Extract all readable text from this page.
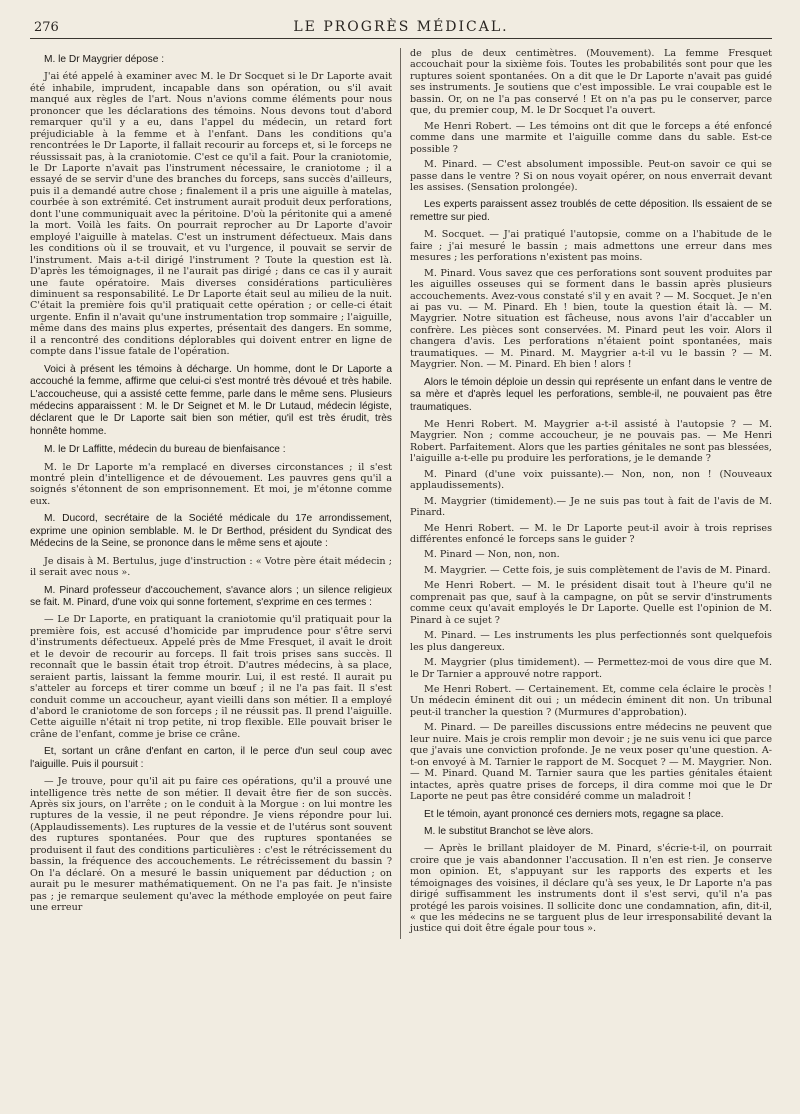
276	LE PROGRÈS MÉDICAL.

M. le Dr Maygrier dépose :

J'ai été appelé à examiner avec M. le Dr Socquet si le Dr Laporte avait été inhabile, imprudent, incapable dans son opération, ou s'il avait manqué aux règles de l'art. Nous n'avions comme éléments pour nous prononcer que les déclarations des témoins. Nous devons tout d'abord remarquer qu'il y a eu, dans l'appel du médecin, un retard fort préjudiciable à la femme et à l'enfant. Dans les conditions qu'a rencontrées le Dr Laporte, il fallait recourir au forceps et, si le forceps ne réussissait pas, à la craniotomie. C'est ce qu'il a fait. Pour la craniotomie, le Dr Laporte n'avait pas l'instrument nécessaire, le craniotome ; il a essayé de se servir d'une des branches du forceps, sans succès d'ailleurs, puis il a demandé autre chose ; finalement il a pris une aiguille à matelas, courbée à son extrémité. Cet instrument aurait produit deux perforations, dont l'une communiquait avec la péritoine. D'où la péritonite qui a amené la mort. Voilà les faits. On pourrait reprocher au Dr Laporte d'avoir employé l'aiguille à matelas. C'est un instrument défectueux. Mais dans les conditions où il se trouvait, et vu l'urgence, il pouvait se servir de l'instrument. Mais a-t-il dirigé l'instrument ? Toute la question est là. D'après les témoignages, il ne l'aurait pas dirigé ; dans ce cas il y aurait une faute opératoire. Mais diverses considérations particulières diminuent sa responsabilité. Le Dr Laporte était seul au milieu de la nuit. C'était la première fois qu'il pratiquait cette opération ; or celle-ci était urgente. Enfin il n'avait qu'une instrumentation trop sommaire ; l'aiguille, même dans des mains plus expertes, présentait des dangers. En somme, il a rencontré des conditions déplorables qui doivent entrer en ligne de compte dans l'issue fatale de l'opération.

Voici à présent les témoins à décharge. Un homme, dont le Dr Laporte a accouché la femme, affirme que celui-ci s'est montré très dévoué et très habile. L'accoucheuse, qui a assisté cette femme, parle dans le même sens. Plusieurs médecins apparaissent : M. le Dr Seignet et M. le Dr Lutaud, médecin légiste, déclarent que le Dr Laporte sait bien son métier, qu'il est très érudit, très honnête homme.

M. le Dr Laffitte, médecin du bureau de bienfaisance :

M. le Dr Laporte m'a remplacé en diverses circonstances ; il s'est montré plein d'intelligence et de dévouement. Les pauvres gens qu'il a soignés s'étonnent de son emprisonnement. Et moi, je m'étonne comme eux.

M. Ducord, secrétaire de la Société médicale du 17e arrondissement, exprime une opinion semblable. M. le Dr Berthod, président du Syndicat des Médecins de la Seine, se prononce dans le même sens et ajoute :

Je disais à M. Bertulus, juge d'instruction : « Votre père était médecin ; il serait avec nous ».

M. Pinard professeur d'accouchement, s'avance alors ; un silence religieux se fait. M. Pinard, d'une voix qui sonne fortement, s'exprime en ces termes :

— Le Dr Laporte, en pratiquant la craniotomie qu'il pratiquait pour la première fois, est accusé d'homicide par imprudence pour s'être servi d'instruments défectueux. Appelé près de Mme Fresquet, il avait le droit et le devoir de recourir au forceps. Il fait trois prises sans succès. Il reconnaît que le bassin était trop étroit. D'autres médecins, à sa place, seraient partis, laissant la femme mourir. Lui, il est resté. Il aurait pu s'atteler au forceps et tirer comme un bœuf ; il ne l'a pas fait. Il s'est conduit comme un accoucheur, ayant vieilli dans son métier. Il a employé d'abord le craniotome de son forceps ; il ne réussit pas. Il prend l'aiguille. Cette aiguille n'était ni trop petite, ni trop flexible. Elle pouvait briser le crâne de l'enfant, comme je brise ce crâne.

Et, sortant un crâne d'enfant en carton, il le perce d'un seul coup avec l'aiguille. Puis il poursuit :

— Je trouve, pour qu'il ait pu faire ces opérations, qu'il a prouvé une intelligence très nette de son métier. Il devait être fier de son succès. Après six jours, on l'arrête ; on le conduit à la Morgue : on lui montre les ruptures de la vessie, il ne peut répondre. Je viens répondre pour lui. (Applaudissements). Les ruptures de la vessie et de l'utérus sont souvent des ruptures spontanées. Pour que des ruptures spontanées se produisent il faut des conditions particulières : c'est le rétrécissement du bassin, la fréquence des accouchements. Le rétrécissement du bassin ? On l'a déclaré. On a mesuré le bassin uniquement par déduction ; on aurait pu le mesurer mathématiquement. On ne l'a pas fait. Je n'insiste pas ; je remarque seulement qu'avec la méthode employée on peut faire une erreur

de plus de deux centimètres. (Mouvement). La femme Fresquet accouchait pour la sixième fois. Toutes les probabilités sont pour que les ruptures soient spontanées. On a dit que le Dr Laporte n'avait pas guidé ses instruments. Je soutiens que c'est impossible. Le vrai coupable est le bassin. Or, on ne l'a pas conservé ! Et on n'a pas pu le conserver, parce que, du premier coup, M. le Dr Socquet l'a ouvert.

Me Henri Robert. — Les témoins ont dit que le forceps a été enfoncé comme dans une marmite et l'aiguille comme dans du sable. Est-ce possible ?

M. Pinard. — C'est absolument impossible. Peut-on savoir ce qui se passe dans le ventre ? Si on nous voyait opérer, on nous enverrait devant les assises. (Sensation prolongée).

Les experts paraissent assez troublés de cette déposition. Ils essaient de se remettre sur pied.

M. Socquet. — J'ai pratiqué l'autopsie, comme on a l'habitude de le faire ; j'ai mesuré le bassin ; mais admettons une erreur dans mes mesures ; les perforations n'existent pas moins.

M. Pinard. Vous savez que ces perforations sont souvent produites par les aiguilles osseuses qui se forment dans le bassin après plusieurs accouchements. Avez-vous constaté s'il y en avait ? — M. Socquet. Je n'en ai pas vu. — M. Pinard. Eh ! bien, toute la question était là. — M. Maygrier. Notre situation est fâcheuse, nous avons l'air d'accabler un confrère. Les pièces sont conservées. M. Pinard peut les voir. Alors il changera d'avis. Les perforations n'étaient point spontanées, mais traumatiques. — M. Pinard. M. Maygrier a-t-il vu le bassin ? — M. Maygrier. Non. — M. Pinard. Eh bien ! alors !

Alors le témoin déploie un dessin qui représente un enfant dans le ventre de sa mère et d'après lequel les perforations, semble-il, ne pouvaient pas être traumatiques.

Me Henri Robert. M. Maygrier a-t-il assisté à l'autopsie ? — M. Maygrier. Non ; comme accoucheur, je ne pouvais pas. — Me Henri Robert. Parfaitement. Alors que les parties génitales ne sont pas blessées, l'aiguille a-t-elle pu produire les perforations, je le demande ?

M. Pinard (d'une voix puissante).— Non, non, non ! (Nouveaux applaudissements).

M. Maygrier (timidement).— Je ne suis pas tout à fait de l'avis de M. Pinard.

Me Henri Robert. — M. le Dr Laporte peut-il avoir à trois reprises différentes enfoncé le forceps sans le guider ?

M. Pinard — Non, non, non.

M. Maygrier. — Cette fois, je suis complètement de l'avis de M. Pinard.

Me Henri Robert. — M. le président disait tout à l'heure qu'il ne comprenait pas que, sauf à la campagne, on pût se servir d'instruments comme ceux qu'avait employés le Dr Laporte. Quelle est l'opinion de M. Pinard à ce sujet ?

M. Pinard. — Les instruments les plus perfectionnés sont quelquefois les plus dangereux.

M. Maygrier (plus timidement). — Permettez-moi de vous dire que M. le Dr Tarnier a approuvé notre rapport.

Me Henri Robert. — Certainement. Et, comme cela éclaire le procès ! Un médecin éminent dit oui ; un médecin éminent dit non. Un tribunal peut-il trancher la question ? (Murmures d'approbation).

M. Pinard. — De pareilles discussions entre médecins ne peuvent que leur nuire. Mais je crois remplir mon devoir ; je ne suis venu ici que parce que j'avais une conviction profonde. Je ne veux poser qu'une question. A-t-on envoyé à M. Tarnier le rapport de M. Socquet ? — M. Maygrier. Non. — M. Pinard. Quand M. Tarnier saura que les parties génitales étaient intactes, après quatre prises de forceps, il dira comme moi que le Dr Laporte ne peut pas être considéré comme un maladroit !

Et le témoin, ayant prononcé ces derniers mots, regagne sa place.

M. le substitut Branchot se lève alors.

— Après le brillant plaidoyer de M. Pinard, s'écrie-t-il, on pourrait croire que je vais abandonner l'accusation. Il n'en est rien. Je conserve mon opinion. Et, s'appuyant sur les rapports des experts et les témoignages des voisines, il déclare qu'à ses yeux, le Dr Laporte n'a pas dirigé suffisamment les instruments dont il s'est servi, qu'il n'a pas protégé les parois voisines. Il sollicite donc une condamnation, afin, dit-il, « que les médecins ne se targuent plus de leur irresponsabilité devant la justice qui doit être égale pour tous ».
